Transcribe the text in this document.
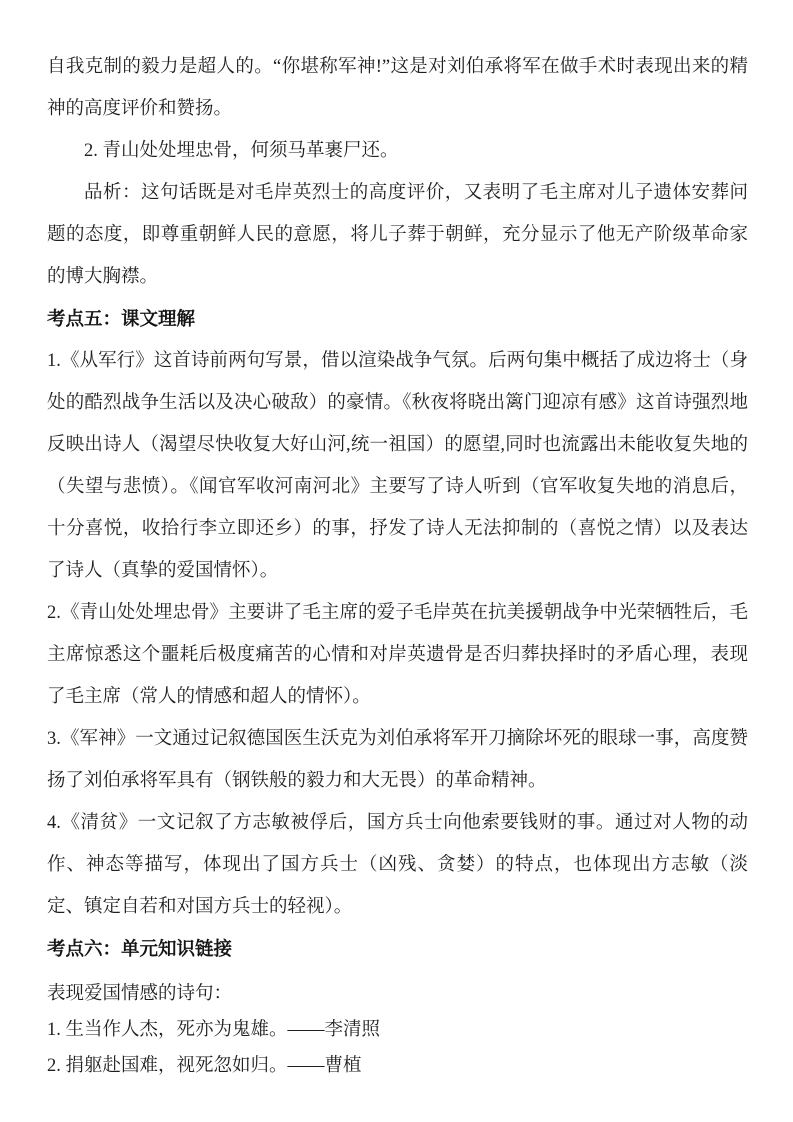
自我克制的毅力是超人的。“你堪称军神!”这是对刘伯承将军在做手术时表现出来的精神的高度评价和赞扬。

2. 青山处处埋忠骨，何须马革裹尸还。

品析：这句话既是对毛岸英烈士的高度评价，又表明了毛主席对儿子遗体安葬问题的态度，即尊重朝鲜人民的意愿，将儿子葬于朝鲜，充分显示了他无产阶级革命家的博大胸襟。

考点五：课文理解

1.《从军行》这首诗前两句写景，借以渲染战争气氛。后两句集中概括了成边将士（身处的酷烈战争生活以及决心破敌）的豪情。《秋夜将晓出篱门迎凉有感》这首诗强烈地反映出诗人（渴望尽快收复大好山河,统一祖国）的愿望,同时也流露出未能收复失地的（失望与悲愤）。《闻官军收河南河北》主要写了诗人听到（官军收复失地的消息后，十分喜悦，收拾行李立即还乡）的事，抒发了诗人无法抑制的（喜悦之情）以及表达了诗人（真挚的爱国情怀）。

2.《青山处处埋忠骨》主要讲了毛主席的爱子毛岸英在抗美援朝战争中光荣牺牲后，毛主席惊悉这个噩耗后极度痛苦的心情和对岸英遗骨是否归葬抉择时的矛盾心理，表现了毛主席（常人的情感和超人的情怀）。

3.《军神》一文通过记叙德国医生沃克为刘伯承将军开刀摘除坏死的眼球一事，高度赞扬了刘伯承将军具有（钢铁般的毅力和大无畏）的革命精神。

4.《清贫》一文记叙了方志敏被俘后，国方兵士向他索要钱财的事。通过对人物的动作、神态等描写，体现出了国方兵士（凶残、贪婪）的特点，也体现出方志敏（淡定、镇定自若和对国方兵士的轻视）。

考点六：单元知识链接

表现爱国情感的诗句：

1. 生当作人杰，死亦为鬼雄。——李清照

2. 捐躯赴国难，视死忽如归。——曹植
